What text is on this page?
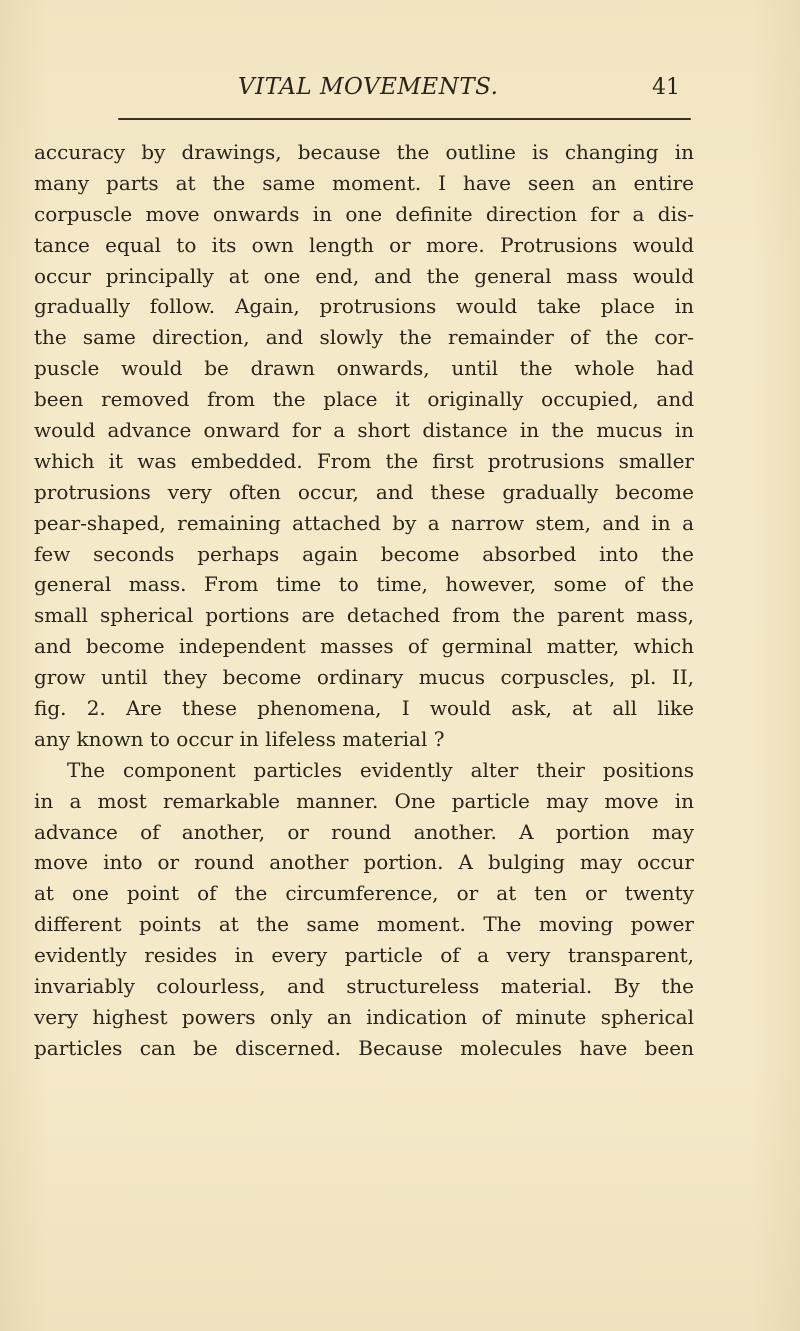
VITAL MOVEMENTS.	41
accuracy by drawings, because the outline is changing in
many parts at the same moment. I have seen an entire
corpuscle move onwards in one definite direction for a dis-
tance equal to its own length or more. Protrusions would
occur principally at one end, and the general mass would
gradually follow. Again, protrusions would take place in
the same direction, and slowly the remainder of the cor-
puscle would be drawn onwards, until the whole had
been removed from the place it originally occupied, and
would advance onward for a short distance in the mucus in
which it was embedded. From the first protrusions smaller
protrusions very often occur, and these gradually become
pear-shaped, remaining attached by a narrow stem, and in a
few seconds perhaps again become absorbed into the
general mass. From time to time, however, some of the
small spherical portions are detached from the parent mass,
and become independent masses of germinal matter, which
grow until they become ordinary mucus corpuscles, pl. II,
fig. 2. Are these phenomena, I would ask, at all like
any known to occur in lifeless material ?
The component particles evidently alter their positions
in a most remarkable manner. One particle may move in
advance of another, or round another. A portion may
move into or round another portion. A bulging may occur
at one point of the circumference, or at ten or twenty
different points at the same moment. The moving power
evidently resides in every particle of a very transparent,
invariably colourless, and structureless material. By the
very highest powers only an indication of minute spherical
particles can be discerned. Because molecules have been
